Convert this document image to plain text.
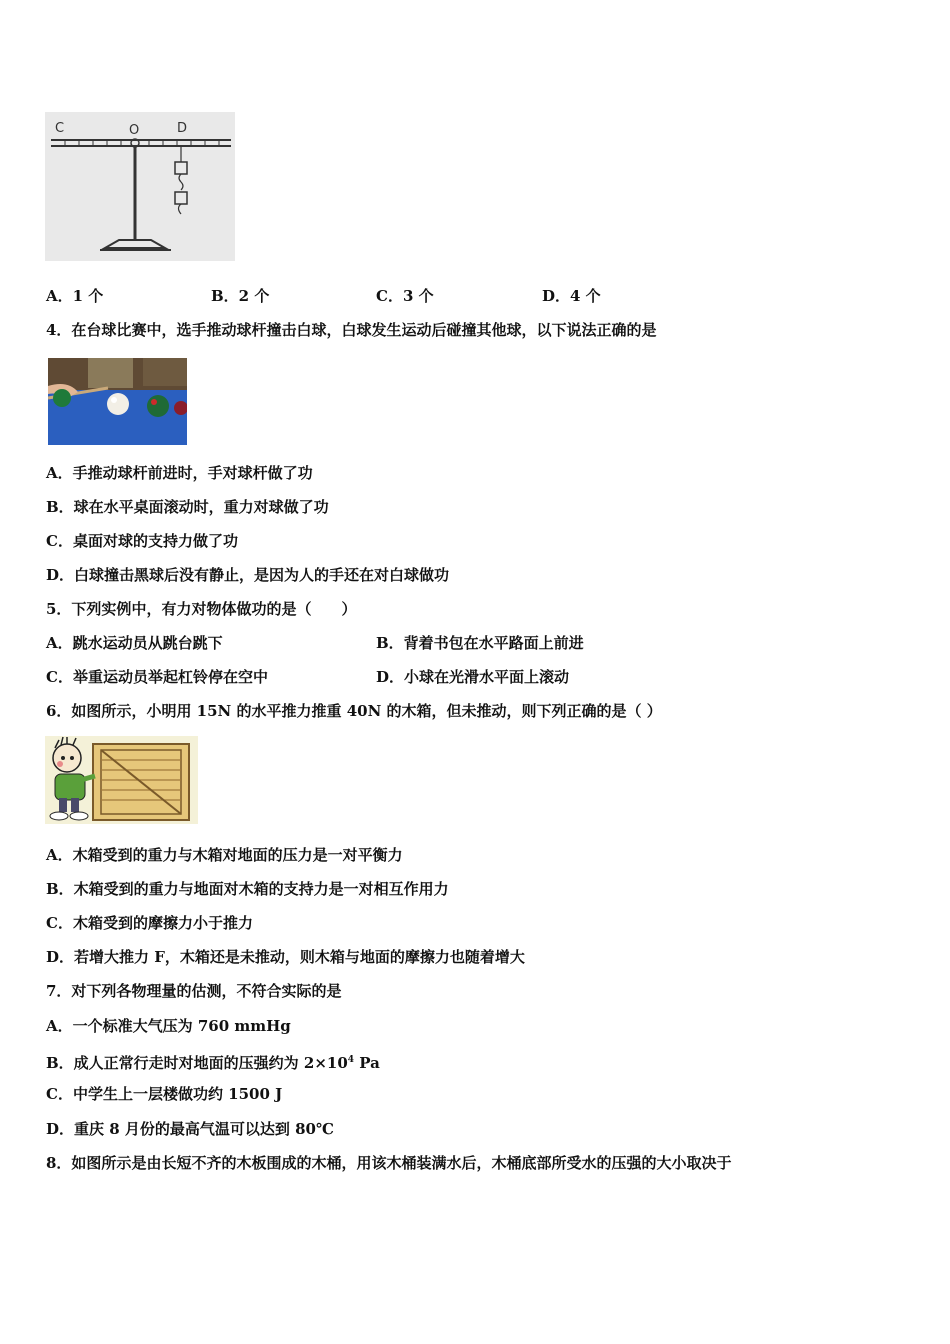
C	O	D
A．1 个	B．2 个	C．3 个	D．4 个
4．在台球比赛中，选手推动球杆撞击白球，白球发生运动后碰撞其他球，以下说法正确的是
A．手推动球杆前进时，手对球杆做了功
B．球在水平桌面滚动时，重力对球做了功
C．桌面对球的支持力做了功
D．白球撞击黑球后没有静止，是因为人的手还在对白球做功
5．下列实例中，有力对物体做功的是（　　）
A．跳水运动员从跳台跳下	B．背着书包在水平路面上前进
C．举重运动员举起杠铃停在空中	D．小球在光滑水平面上滚动
6．如图所示，小明用 15N 的水平推力推重 40N 的木箱，但未推动，则下列正确的是（ ）
A．木箱受到的重力与木箱对地面的压力是一对平衡力
B．木箱受到的重力与地面对木箱的支持力是一对相互作用力
C．木箱受到的摩擦力小于推力
D．若增大推力 F，木箱还是未推动，则木箱与地面的摩擦力也随着增大
7．对下列各物理量的估测，不符合实际的是
A．一个标准大气压为 760 mmHg
B．成人正常行走时对地面的压强约为 $2\times 10^4$ Pa
C．中学生上一层楼做功约 1500 J
D．重庆 8 月份的最高气温可以达到 80℃
8．如图所示是由长短不齐的木板围成的木桶，用该木桶装满水后，木桶底部所受水的压强的大小取决于
